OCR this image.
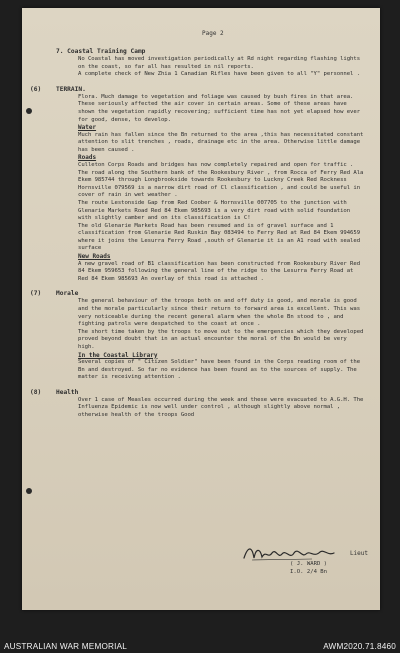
Page 2
7. Coastal Training Camp
No Coastal has moved investigation periodically at Rd night regarding flashing lights on the coast, so far all has resulted in nil reports.
A complete check of New Zhia 1 Canadian Rifles have been given to all "Y" personnel .
(6)	TERRAIN.
Flora. Much damage to vegetation and foliage was caused by bush fires in that area. These seriously affected the air cover in certain areas. Some of these areas have shown the vegetation rapidly recovering; sufficient time has not yet elapsed how ever for good, dense, to develop.
Water
Much rain has fallen since the Bn returned to the area ,this has necessitated constant attention to slit trenches , roads, drainage etc in the area. Otherwise little damage has been caused .
Roads
Culleton Corps Roads and bridges has now completely repaired and open for traffic . The road along the Southern bank of the Rookesbury River , from Rocca of Ferry Red Ala Ekem 985744 through Longbrookside towards Rookesbury to Luckny Creek Red Rockness Hornsville 079569 is a narrow dirt road of Cl classification , and could be useful in cover of rain in wet weather .
The route Lestonside Gap from Red Coober & Hornsville 007705 to the junction with Glenarie Markets Road Red 84 Ekem 985693 is a very dirt road with solid foundation with slightly camber and on its classification is C!
The old Glenarie Markets Road has been resumed and is of gravel surface and 1 classification from Glenarie Red Ruskin Bay 083494 to Ferry Red at Red 84 Ekem 994659 where it joins the Lesurra Ferry Road ,south of Glenarie it is an A1 road with sealed surface
New Roads
A new gravel road of B1 classification has been constructed from Rookesbury River Red 84 Ekem 959653 following the general line of the ridge to the Lesurra Ferry Road at Red 84 Ekem 985693 An overlay of this road is attached .
(7)	Morale
The general behaviour of the troops both on and off duty is good, and morale is good and the morale particularly since their return to forward area is excellent. This was very noticeable during the recent general alarm when the whole Bn stood to , and fighting patrols were despatched to the coast at once .
The short time taken by the troops to move out to the emergencies which they developed proved beyond doubt that in an actual encounter the moral of the Bn would be very high.
In the Coastal Library
Several copies of " Citizen Soldier" have been found in the Corps reading room of the Bn and destroyed. So far no evidence has been found as to the sources of supply. The matter is receiving attention .
(8)	Health
Over 1 case of Measles occurred during the week and these were evacuated to A.G.H. The Influenza Epidemic is now well under control , although slightly above normal , otherwise health of the troops Good
Lieut
( J. WARD )
I.O. 2/4 Bn
AUSTRALIAN WAR MEMORIAL	AWM2020.71.8460
